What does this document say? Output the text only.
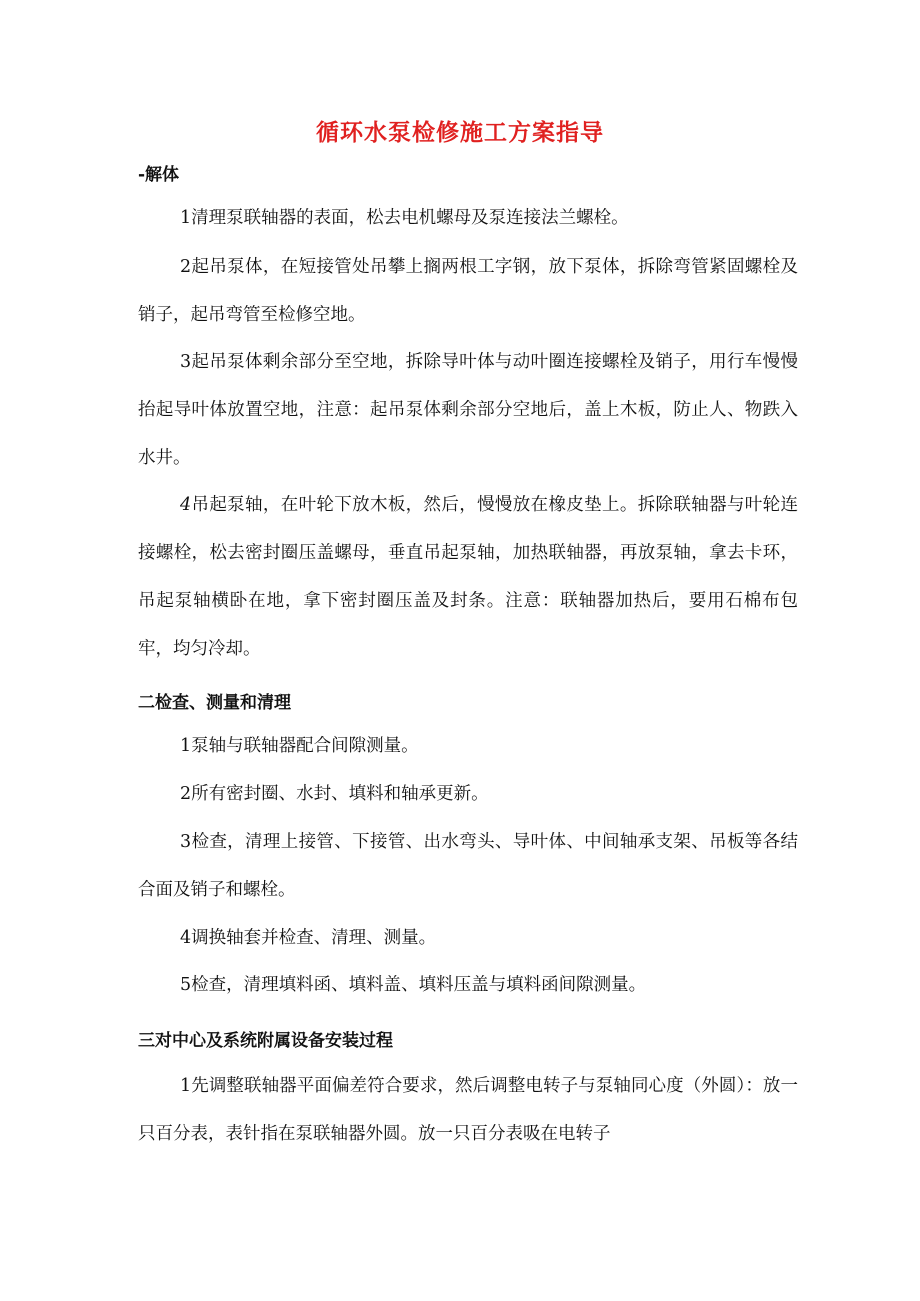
循环水泵检修施工方案指导
-解体

1清理泵联轴器的表面，松去电机螺母及泵连接法兰螺栓。

2起吊泵体，在短接管处吊攀上搁两根工字钢，放下泵体，拆除弯管紧固螺栓及销子，起吊弯管至检修空地。

3起吊泵体剩余部分至空地，拆除导叶体与动叶圈连接螺栓及销子，用行车慢慢抬起导叶体放置空地，注意：起吊泵体剩余部分空地后，盖上木板，防止人、物跌入水井。

4吊起泵轴，在叶轮下放木板，然后，慢慢放在橡皮垫上。拆除联轴器与叶轮连接螺栓，松去密封圈压盖螺母，垂直吊起泵轴，加热联轴器，再放泵轴，拿去卡环，吊起泵轴横卧在地，拿下密封圈压盖及封条。注意：联轴器加热后，要用石棉布包牢，均匀冷却。

二检查、测量和清理

1泵轴与联轴器配合间隙测量。

2所有密封圈、水封、填料和轴承更新。

3检查，清理上接管、下接管、出水弯头、导叶体、中间轴承支架、吊板等各结合面及销子和螺栓。

4调换轴套并检查、清理、测量。

5检查，清理填料函、填料盖、填料压盖与填料函间隙测量。

三对中心及系统附属设备安装过程

1先调整联轴器平面偏差符合要求，然后调整电转子与泵轴同心度（外圆）：放一只百分表，表针指在泵联轴器外圆。放一只百分表吸在电转子
